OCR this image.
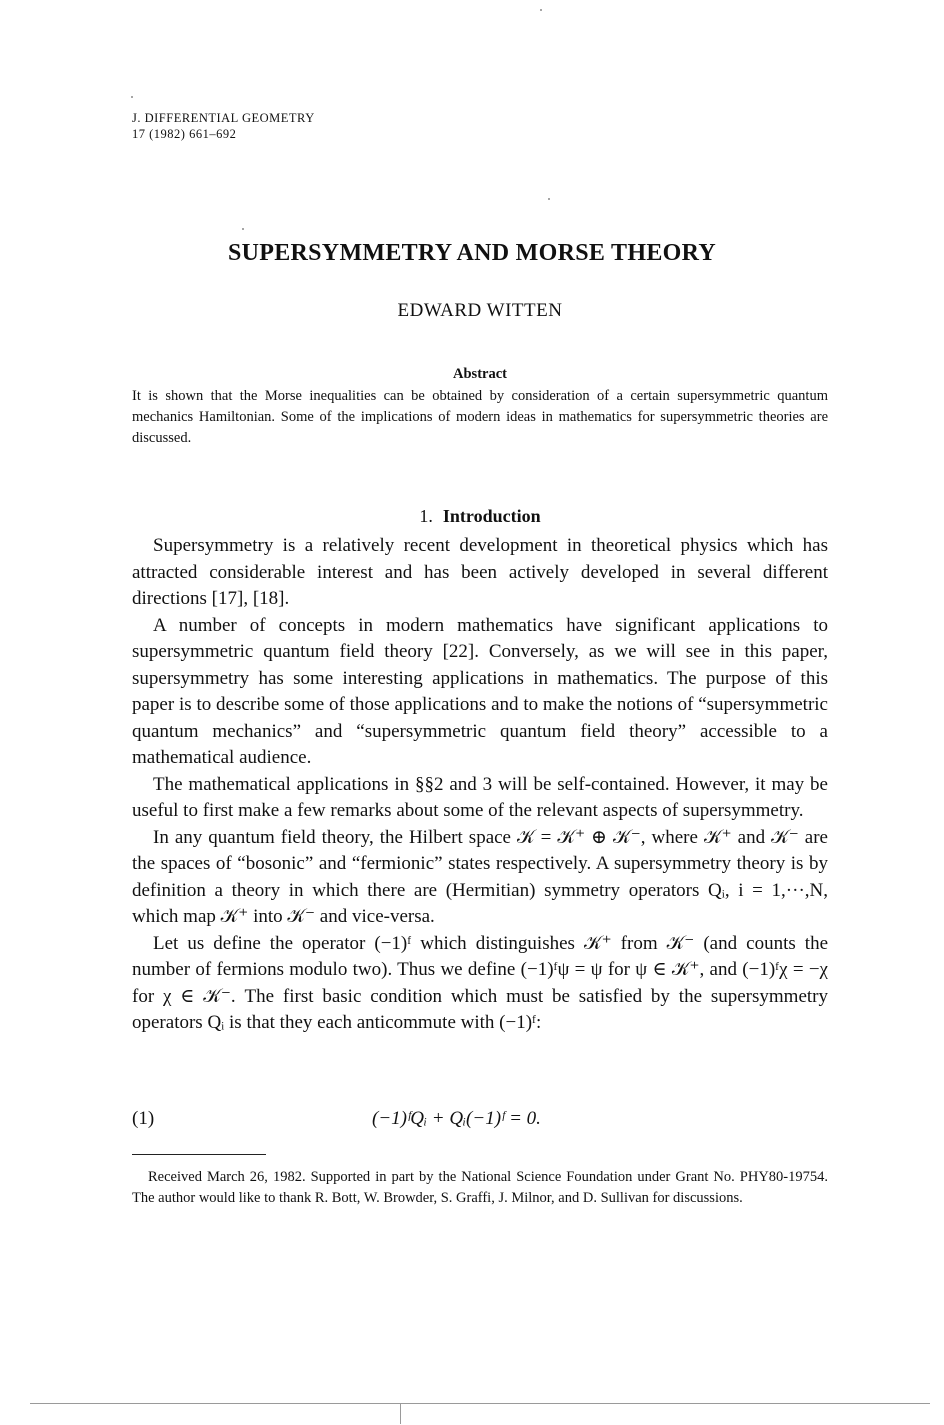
J. DIFFERENTIAL GEOMETRY
17 (1982) 661–692
SUPERSYMMETRY AND MORSE THEORY
EDWARD WITTEN
Abstract
It is shown that the Morse inequalities can be obtained by consideration of a certain supersymmetric quantum mechanics Hamiltonian. Some of the implications of modern ideas in mathematics for supersymmetric theories are discussed.
1. Introduction

Supersymmetry is a relatively recent development in theoretical physics which has attracted considerable interest and has been actively developed in several different directions [17], [18].

A number of concepts in modern mathematics have significant applications to supersymmetric quantum field theory [22]. Conversely, as we will see in this paper, supersymmetry has some interesting applications in mathematics. The purpose of this paper is to describe some of those applications and to make the notions of “supersymmetric quantum mechanics” and “supersymmetric quantum field theory” accessible to a mathematical audience.

The mathematical applications in §§2 and 3 will be self-contained. However, it may be useful to first make a few remarks about some of the relevant aspects of supersymmetry.

In any quantum field theory, the Hilbert space 𝒦 = 𝒦⁺ ⊕ 𝒦⁻, where 𝒦⁺ and 𝒦⁻ are the spaces of “bosonic” and “fermionic” states respectively. A supersymmetry theory is by definition a theory in which there are (Hermitian) symmetry operators Qᵢ, i = 1,···,N, which map 𝒦⁺ into 𝒦⁻ and vice-versa.

Let us define the operator (−1)ᶠ which distinguishes 𝒦⁺ from 𝒦⁻ (and counts the number of fermions modulo two). Thus we define (−1)ᶠψ = ψ for ψ ∈ 𝒦⁺, and (−1)ᶠχ = −χ for χ ∈ 𝒦⁻. The first basic condition which must be satisfied by the supersymmetry operators Qᵢ is that they each anticommute with (−1)ᶠ:

(1)	(−1)ᶠQᵢ + Qᵢ(−1)ᶠ = 0.
Received March 26, 1982. Supported in part by the National Science Foundation under Grant No. PHY80-19754. The author would like to thank R. Bott, W. Browder, S. Graffi, J. Milnor, and D. Sullivan for discussions.
